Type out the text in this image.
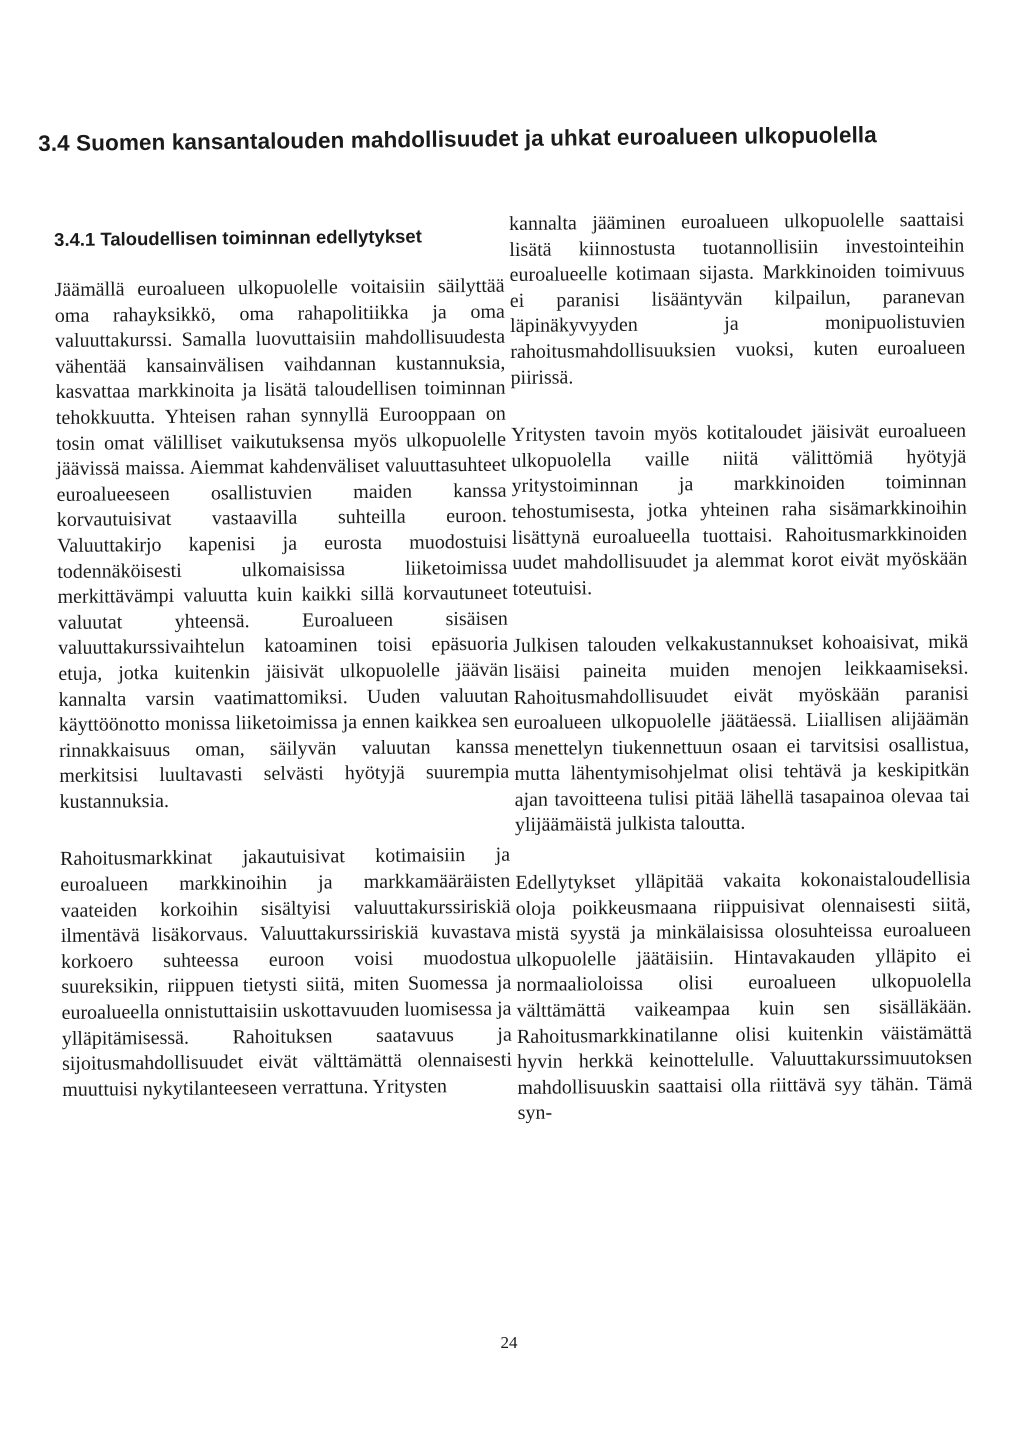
3.4 Suomen kansantalouden mahdollisuudet ja uhkat euroalueen ulkopuolella
3.4.1 Taloudellisen toiminnan edellytykset

Jäämällä euroalueen ulkopuolelle voitaisiin säilyttää oma rahayksikkö, oma rahapolitiikka ja oma valuuttakurssi. Samalla luovuttaisiin mahdollisuudesta vähentää kansainvälisen vaihdannan kustannuksia, kasvattaa markkinoita ja lisätä taloudellisen toiminnan tehokkuutta. Yhteisen rahan synnyllä Eurooppaan on tosin omat välilliset vaikutuksensa myös ulkopuolelle jäävissä maissa. Aiemmat kahdenväliset valuuttasuhteet euroalueeseen osallistuvien maiden kanssa korvautuisivat vastaavilla suhteilla euroon. Valuuttakirjo kapenisi ja eurosta muodostuisi todennäköisesti ulkomaisissa liiketoimissa merkittävämpi valuutta kuin kaikki sillä korvautuneet valuutat yhteensä. Euroalueen sisäisen valuuttakurssivaihtelun katoaminen toisi epäsuoria etuja, jotka kuitenkin jäisivät ulkopuolelle jäävän kannalta varsin vaatimattomiksi. Uuden valuutan käyttöönotto monissa liiketoimissa ja ennen kaikkea sen rinnakkaisuus oman, säilyvän valuutan kanssa merkitsisi luultavasti selvästi hyötyjä suurempia kustannuksia.

Rahoitusmarkkinat jakautuisivat kotimaisiin ja euroalueen markkinoihin ja markkamääräisten vaateiden korkoihin sisältyisi valuuttakurssiriskiä ilmentävä lisäkorvaus. Valuuttakurssiriskiä kuvastava korkoero suhteessa euroon voisi muodostua suureksikin, riippuen tietysti siitä, miten Suomessa ja euroalueella onnistuttaisiin uskottavuuden luomisessa ja ylläpitämisessä. Rahoituksen saatavuus ja sijoitusmahdollisuudet eivät välttämättä olennaisesti muuttuisi nykytilanteeseen verrattuna. Yritysten

kannalta jääminen euroalueen ulkopuolelle saattaisi lisätä kiinnostusta tuotannollisiin investointeihin euroalueelle kotimaan sijasta. Markkinoiden toimivuus ei paranisi lisääntyvän kilpailun, paranevan läpinäkyvyyden ja monipuolistuvien rahoitusmahdollisuuksien vuoksi, kuten euroalueen piirissä.

Yritysten tavoin myös kotitaloudet jäisivät euroalueen ulkopuolella vaille niitä välittömiä hyötyjä yritystoiminnan ja markkinoiden toiminnan tehostumisesta, jotka yhteinen raha sisämarkkinoihin lisättynä euroalueella tuottaisi. Rahoitusmarkkinoiden uudet mahdollisuudet ja alemmat korot eivät myöskään toteutuisi.

Julkisen talouden velkakustannukset kohoaisivat, mikä lisäisi paineita muiden menojen leikkaamiseksi. Rahoitusmahdollisuudet eivät myöskään paranisi euroalueen ulkopuolelle jäätäessä. Liiallisen alijäämän menettelyn tiukennettuun osaan ei tarvitsisi osallistua, mutta lähentymisohjelmat olisi tehtävä ja keskipitkän ajan tavoitteena tulisi pitää lähellä tasapainoa olevaa tai ylijäämäistä julkista taloutta.

Edellytykset ylläpitää vakaita kokonaistaloudellisia oloja poikkeusmaana riippuisivat olennaisesti siitä, mistä syystä ja minkälaisissa olosuhteissa euroalueen ulkopuolelle jäätäisiin. Hintavakauden ylläpito ei normaalioloissa olisi euroalueen ulkopuolella välttämättä vaikeampaa kuin sen sisälläkään. Rahoitusmarkkinatilanne olisi kuitenkin väistämättä hyvin herkkä keinottelulle. Valuuttakurssimuutoksen mahdollisuuskin saattaisi olla riittävä syy tähän. Tämä syn-

24
